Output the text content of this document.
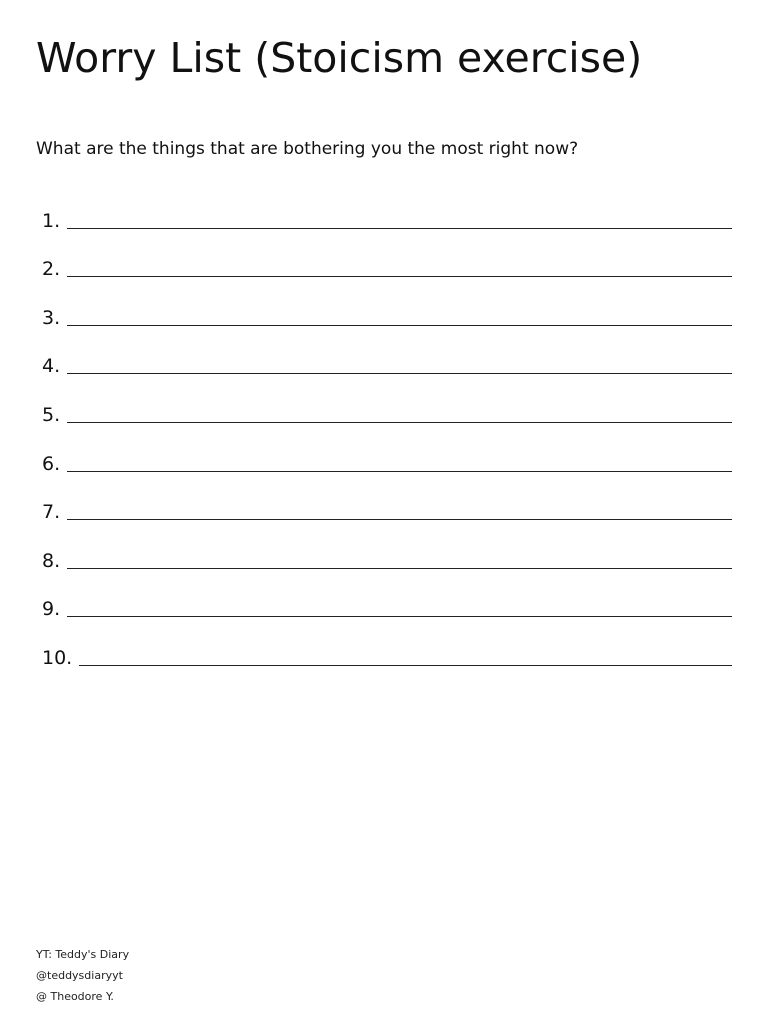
Worry List (Stoicism exercise)

What are the things that are bothering you the most right now?

1.
2.
3.
4.
5.
6.
7.
8.
9.
10.
YT: Teddy's Diary
@teddysdiaryyt
@ Theodore Y.
